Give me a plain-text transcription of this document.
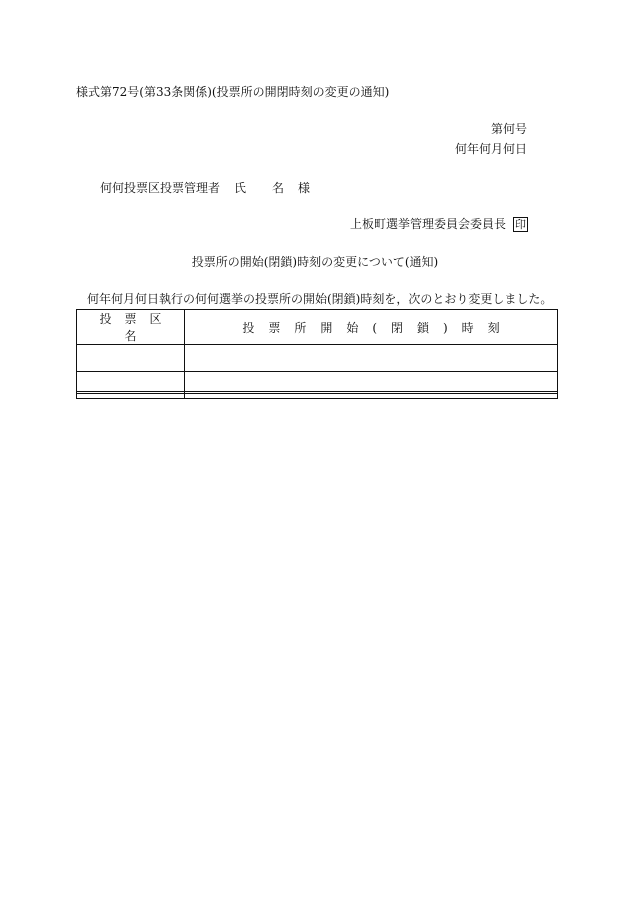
様式第72号(第33条関係)(投票所の開閉時刻の変更の通知)
第何号
何年何月何日
何何投票区投票管理者 氏 名 様
上板町選挙管理委員会委員長 印
投票所の開始(閉鎖)時刻の変更について(通知)
何年何月何日執行の何何選挙の投票所の開始(閉鎖)時刻を，次のとおり変更しました。
投票区名	投票所開始(閉鎖)時刻
